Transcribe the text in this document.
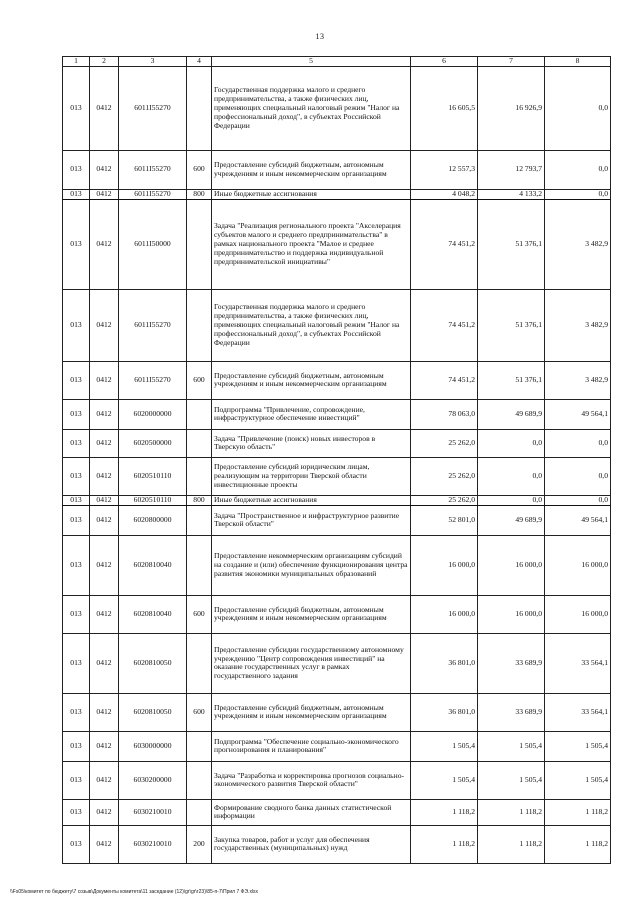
13
1	2	3	4	5	6	7	8
013	0412	6011I55270		Государственная поддержка малого и среднего предпринимательства, а также физических лиц, применяющих специальный налоговый режим "Налог на профессиональный доход", в субъектах Российской Федерации	16 605,5	16 926,9	0,0
013	0412	6011I55270	600	Предоставление субсидий бюджетным, автономным учреждениям и иным некоммерческим организациям	12 557,3	12 793,7	0,0
013	0412	6011I55270	800	Иные бюджетные ассигнования	4 048,2	4 133,2	0,0
013	0412	6011I50000		Задача "Реализация регионального проекта "Акселерация субъектов малого и среднего предпринимательства" в рамках национального проекта "Малое и среднее предпринимательство и поддержка индивидуальной предпринимательской инициативы"	74 451,2	51 376,1	3 482,9
013	0412	6011I55270		Государственная поддержка малого и среднего предпринимательства, а также физических лиц, применяющих специальный налоговый режим "Налог на профессиональный доход", в субъектах Российской Федерации	74 451,2	51 376,1	3 482,9
013	0412	6011I55270	600	Предоставление субсидий бюджетным, автономным учреждениям и иным некоммерческим организациям	74 451,2	51 376,1	3 482,9
013	0412	6020000000		Подпрограмма "Привлечение, сопровождение, инфраструктурное обеспечение инвестиций"	78 063,0	49 689,9	49 564,1
013	0412	6020500000		Задача "Привлечение (поиск) новых инвесторов в Тверскую область"	25 262,0	0,0	0,0
013	0412	6020510110		Предоставление субсидий юридическим лицам, реализующим на территории Тверской области инвестиционные проекты	25 262,0	0,0	0,0
013	0412	6020510110	800	Иные бюджетные ассигнования	25 262,0	0,0	0,0
013	0412	6020800000		Задача "Пространственное и инфраструктурное развитие Тверской области"	52 801,0	49 689,9	49 564,1
013	0412	6020810040		Предоставление некоммерческим организациям субсидий на создание и (или) обеспечение функционирования центра развития экономики муниципальных образований	16 000,0	16 000,0	16 000,0
013	0412	6020810040	600	Предоставление субсидий бюджетным, автономным учреждениям и иным некоммерческим организациям	16 000,0	16 000,0	16 000,0
013	0412	6020810050		Предоставление субсидии государственному автономному учреждению "Центр сопровождения инвестиций" на оказание государственных услуг в рамках государственного задания	36 801,0	33 689,9	33 564,1
013	0412	6020810050	600	Предоставление субсидий бюджетным, автономным учреждениям и иным некоммерческим организациям	36 801,0	33 689,9	33 564,1
013	0412	6030000000		Подпрограмма "Обеспечение социально-экономического прогнозирования и планирования"	1 505,4	1 505,4	1 505,4
013	0412	6030200000		Задача "Разработка и корректировка прогнозов социально-экономического развития Тверской области"	1 505,4	1 505,4	1 505,4
013	0412	6030210010		Формирование сводного банка данных статистической информации	1 118,2	1 118,2	1 118,2
013	0412	6030210010	200	Закупка товаров, работ и услуг для обеспечения государственных (муниципальных) нужд	1 118,2	1 118,2	1 118,2
\\Fs05\комитет по бюджету\7 созыв\Документы комитета\11 заседание (12)\gr\gr\г23)\85-п-7\Прил 7 ФЭ.xlsx
